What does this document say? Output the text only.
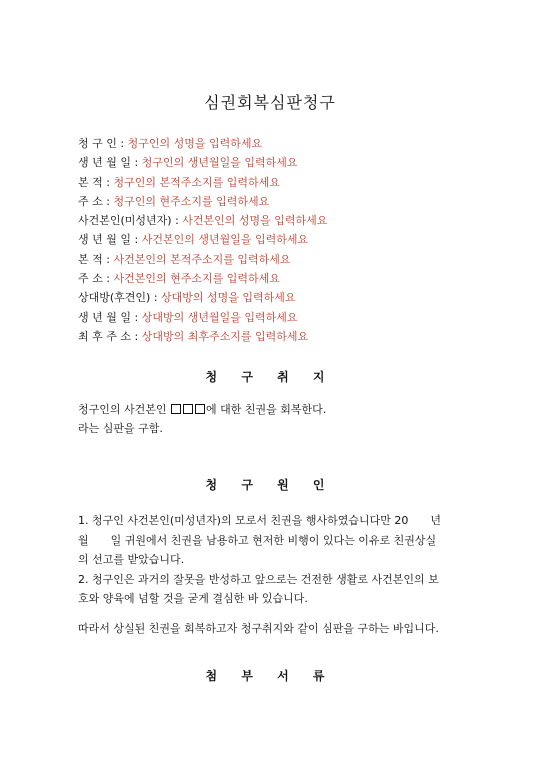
심권회복심판청구
청 구 인 : 청구인의 성명을 입력하세요
생 년 월 일 : 청구인의 생년월일을 입력하세요
본 적 : 청구인의 본적주소지를 입력하세요
주 소 : 청구인의 현주소지를 입력하세요
사건본인(미성년자) : 사건본인의 성명을 입력하세요
생 년 월 일 : 사건본인의 생년월일을 입력하세요
본 적 : 사건본인의 본적주소지를 입력하세요
주 소 : 사건본인의 현주소지를 입력하세요
상대방(후견인) : 상대방의 성명을 입력하세요
생 년 월 일 : 상대방의 생년월일을 입력하세요
최 후 주 소 : 상대방의 최후주소지를 입력하세요
청 구 취 지
청구인의 사건본인	에 대한 친권을 회복한다.
라는 심판을 구함.
청 구 원 인
1. 청구인 사건본인(미성년자)의 모로서 친권을 행사하였습니다만 20　　년
월　　일 귀원에서 친권을 남용하고 현저한 비행이 있다는 이유로 친권상실
의 선고를 받았습니다.
2. 청구인은 과거의 잘못을 반성하고 앞으로는 건전한 생활로 사건본인의 보
호와 양육에 넘할 것을 굳게 결심한 바 있습니다.
따라서 상실된 친권을 회복하고자 청구취지와 같이 심판을 구하는 바입니다.
첨 부 서 류
